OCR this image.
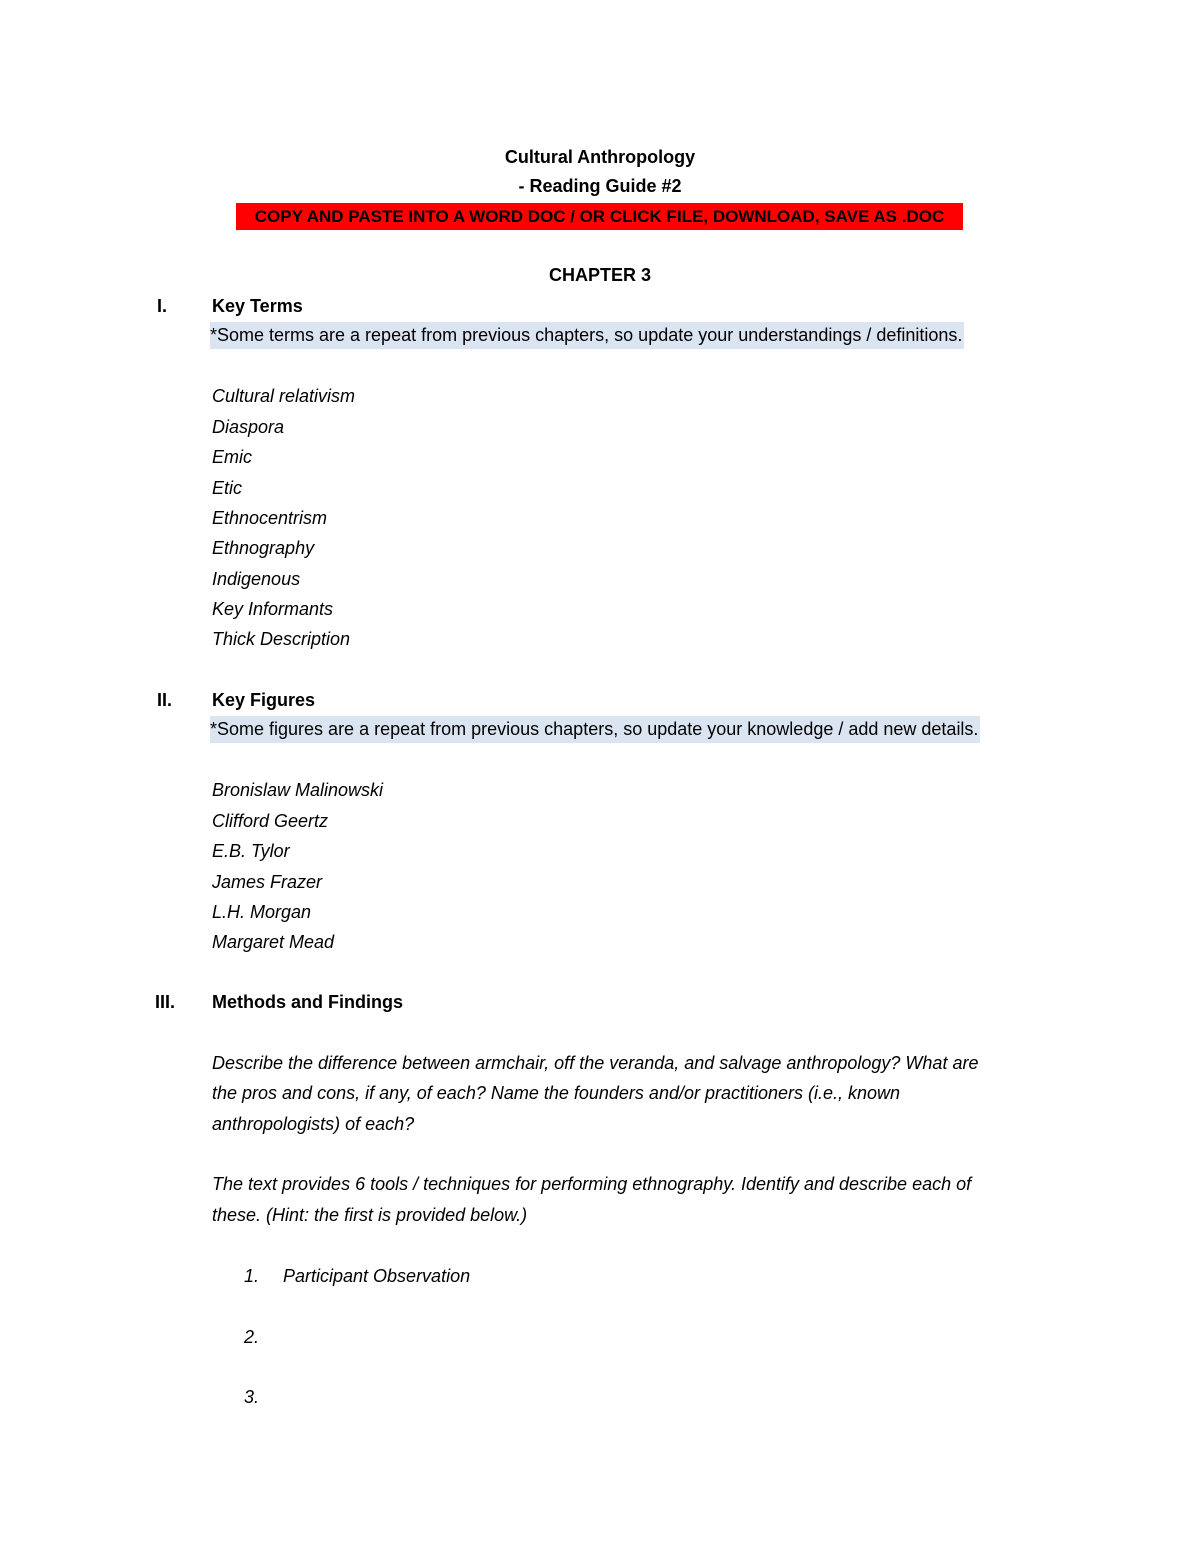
Cultural Anthropology
- Reading Guide #2
COPY AND PASTE INTO A WORD DOC / OR CLICK FILE, DOWNLOAD, SAVE AS .DOC
CHAPTER 3
I. Key Terms
*Some terms are a repeat from previous chapters, so update your understandings / definitions.
Cultural relativism
Diaspora
Emic
Etic
Ethnocentrism
Ethnography
Indigenous
Key Informants
Thick Description
II. Key Figures
*Some figures are a repeat from previous chapters, so update your knowledge / add new details.
Bronislaw Malinowski
Clifford Geertz
E.B. Tylor
James Frazer
L.H. Morgan
Margaret Mead
III. Methods and Findings
Describe the difference between armchair, off the veranda, and salvage anthropology? What are
the pros and cons, if any, of each? Name the founders and/or practitioners (i.e., known
anthropologists) of each?
The text provides 6 tools / techniques for performing ethnography. Identify and describe each of
these. (Hint: the first is provided below.)
1. Participant Observation
2.
3.
